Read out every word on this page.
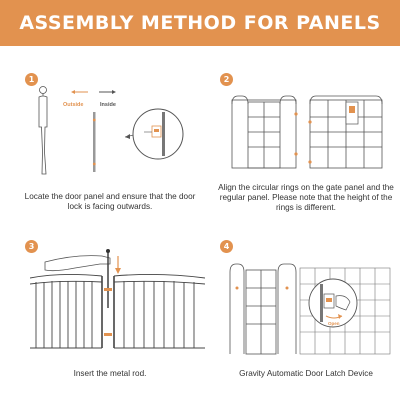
ASSEMBLY METHOD FOR PANELS
1
Outside	Inside
Locate the door panel and ensure that the door lock is facing outwards.
2
Align the circular rings on the gate panel and the regular panel. Please note that the height of the rings is different.
3
Insert the metal rod.
4
Open
Gravity Automatic Door Latch Device
